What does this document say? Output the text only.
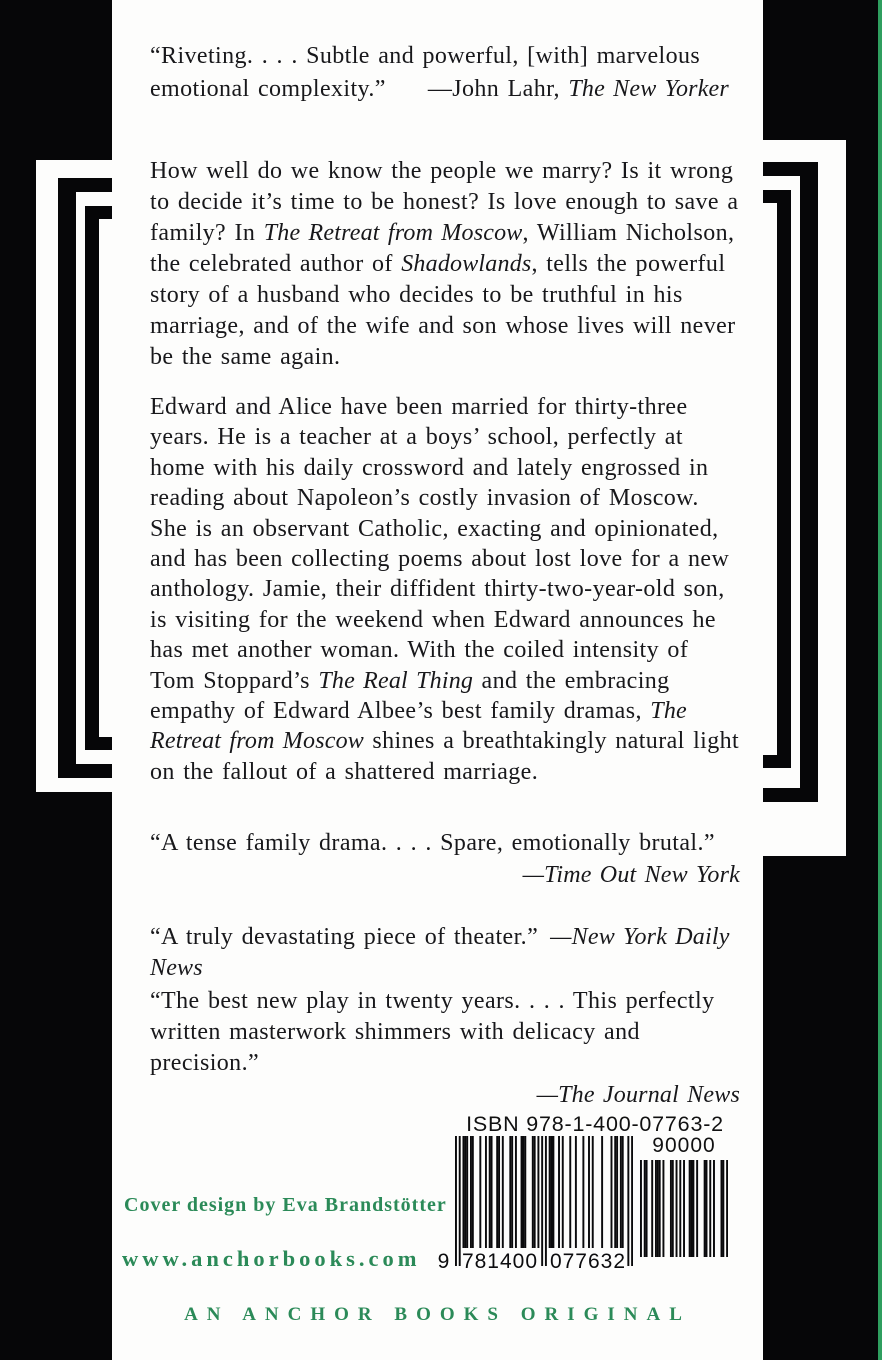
“Riveting. . . . Subtle and powerful, [with] marvelous
emotional complexity.” —John Lahr, The New Yorker
How well do we know the people we marry? Is it wrong to decide it’s time to be honest? Is love enough to save a family? In The Retreat from Moscow, William Nicholson, the celebrated author of Shadowlands, tells the powerful story of a husband who decides to be truthful in his marriage, and of the wife and son whose lives will never be the same again.
Edward and Alice have been married for thirty-three years. He is a teacher at a boys’ school, perfectly at home with his daily crossword and lately engrossed in reading about Napoleon’s costly invasion of Moscow. She is an observant Catholic, exacting and opinionated, and has been collecting poems about lost love for a new anthology. Jamie, their diffident thirty-two-year-old son, is visiting for the weekend when Edward announces he has met another woman. With the coiled intensity of Tom Stoppard’s The Real Thing and the embracing empathy of Edward Albee’s best family dramas, The Retreat from Moscow shines a breathtakingly natural light on the fallout of a shattered marriage.
“A tense family drama. . . . Spare, emotionally brutal.”
—Time Out New York
“A truly devastating piece of theater.” —New York Daily News
“The best new play in twenty years. . . . This perfectly written masterwork shimmers with delicacy and precision.”
—The Journal News
ISBN 978-1-400-07763-2
9 781400 077632
90000
Cover design by Eva Brandstötter
www.anchorbooks.com
AN ANCHOR BOOKS ORIGINAL
